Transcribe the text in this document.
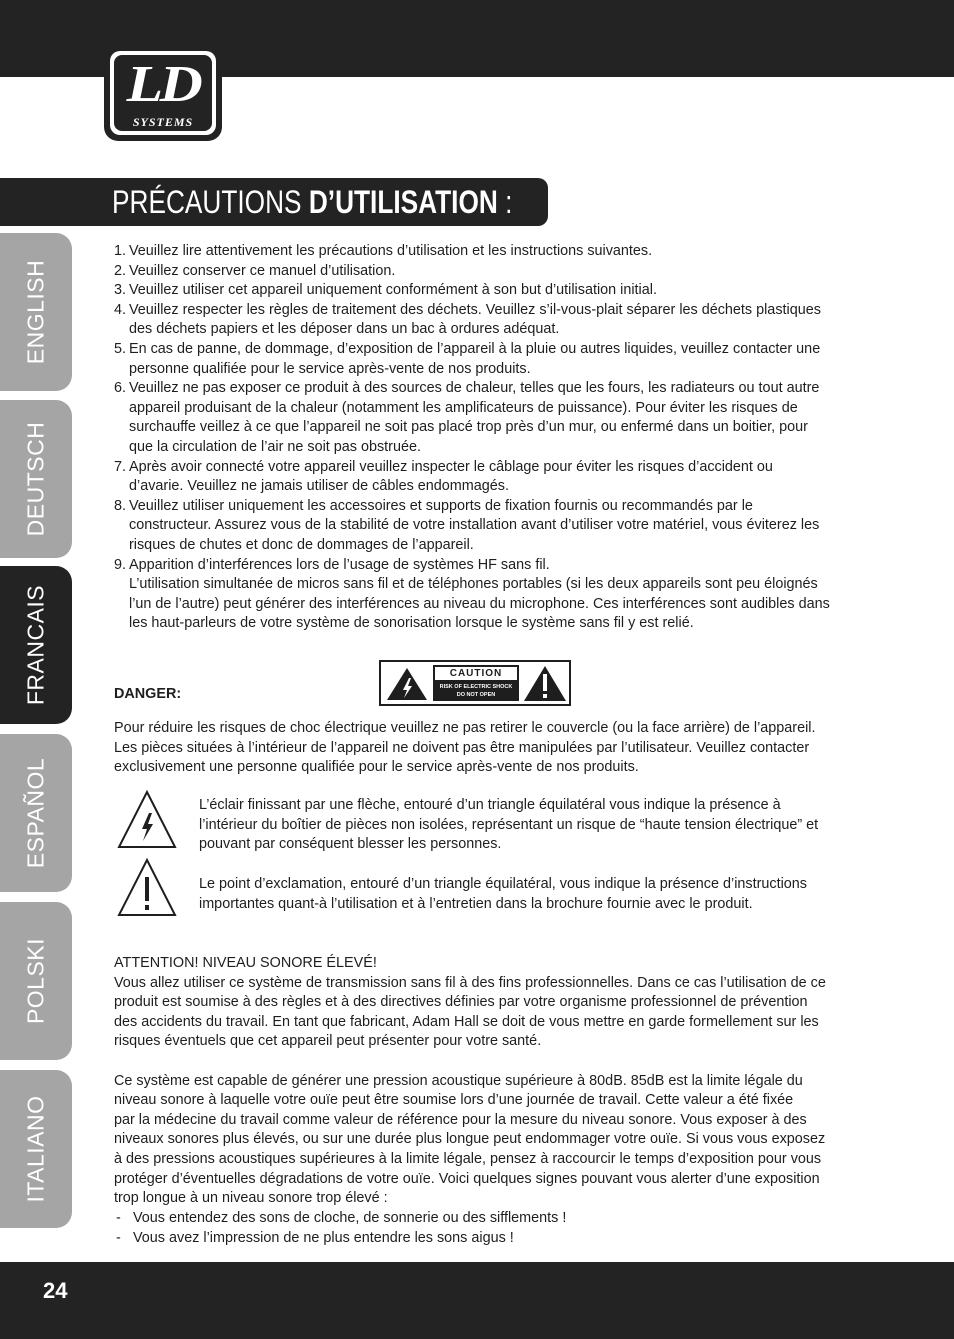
LD
SYSTEMS
PRÉCAUTIONS D’UTILISATION :
ENGLISH
DEUTSCH
FRANCAIS
ESPAÑOL
POLSKI
ITALIANO
1. Veuillez lire attentivement les précautions d’utilisation et les instructions suivantes.
2. Veuillez conserver ce manuel d’utilisation.
3. Veuillez utiliser cet appareil uniquement conformément à son but d’utilisation initial.
4. Veuillez respecter les règles de traitement des déchets. Veuillez s’il-vous-plait séparer les déchets plastiques
des déchets papiers et les déposer dans un bac à ordures adéquat.
5. En cas de panne, de dommage, d’exposition de l’appareil à la pluie ou autres liquides, veuillez contacter une
personne qualifiée pour le service après-vente de nos produits.
6. Veuillez ne pas exposer ce produit à des sources de chaleur, telles que les fours, les radiateurs ou tout autre
appareil produisant de la chaleur (notamment les amplificateurs de puissance). Pour éviter les risques de
surchauffe veillez à ce que l’appareil ne soit pas placé trop près d’un mur, ou enfermé dans un boitier, pour
que la circulation de l’air ne soit pas obstruée.
7. Après avoir connecté votre appareil veuillez inspecter le câblage pour éviter les risques d’accident ou
d’avarie. Veuillez ne jamais utiliser de câbles endommagés.
8. Veuillez utiliser uniquement les accessoires et supports de fixation fournis ou recommandés par le
constructeur. Assurez vous de la stabilité de votre installation avant d’utiliser votre matériel, vous éviterez les
risques de chutes et donc de dommages de l’appareil.
9. Apparition d’interférences lors de l’usage de systèmes HF sans fil.
L’utilisation simultanée de micros sans fil et de téléphones portables (si les deux appareils sont peu éloignés
l’un de l’autre) peut générer des interférences au niveau du microphone. Ces interférences sont audibles dans
les haut-parleurs de votre système de sonorisation lorsque le système sans fil y est relié.
DANGER:
CAUTION
RISK OF ELECTRIC SHOCK
DO NOT OPEN
Pour réduire les risques de choc électrique veuillez ne pas retirer le couvercle (ou la face arrière) de l’appareil.
Les pièces situées à l’intérieur de l’appareil ne doivent pas être manipulées par l’utilisateur. Veuillez contacter
exclusivement une personne qualifiée pour le service après-vente de nos produits.
L’éclair finissant par une flèche, entouré d’un triangle équilatéral vous indique la présence à
l’intérieur du boîtier de pièces non isolées, représentant un risque de “haute tension électrique” et
pouvant par conséquent blesser les personnes.
Le point d’exclamation, entouré d’un triangle équilatéral, vous indique la présence d’instructions
importantes quant-à l’utilisation et à l’entretien dans la brochure fournie avec le produit.
ATTENTION! NIVEAU SONORE ÉLEVÉ!
Vous allez utiliser ce système de transmission sans fil à des fins professionnelles. Dans ce cas l’utilisation de ce
produit est soumise à des règles et à des directives définies par votre organisme professionnel de prévention
des accidents du travail. En tant que fabricant, Adam Hall se doit de vous mettre en garde formellement sur les
risques éventuels que cet appareil peut présenter pour votre santé.
Ce système est capable de générer une pression acoustique supérieure à 80dB. 85dB est la limite légale du
niveau sonore à laquelle votre ouïe peut être soumise lors d’une journée de travail. Cette valeur a été fixée
par la médecine du travail comme valeur de référence pour la mesure du niveau sonore. Vous exposer à des
niveaux sonores plus élevés, ou sur une durée plus longue peut endommager votre ouïe. Si vous vous exposez
à des pressions acoustiques supérieures à la limite légale, pensez à raccourcir le temps d’exposition pour vous
protéger d’éventuelles dégradations de votre ouïe. Voici quelques signes pouvant vous alerter d’une exposition
trop longue à un niveau sonore trop élevé :
- Vous entendez des sons de cloche, de sonnerie ou des sifflements !
- Vous avez l’impression de ne plus entendre les sons aigus !
24
